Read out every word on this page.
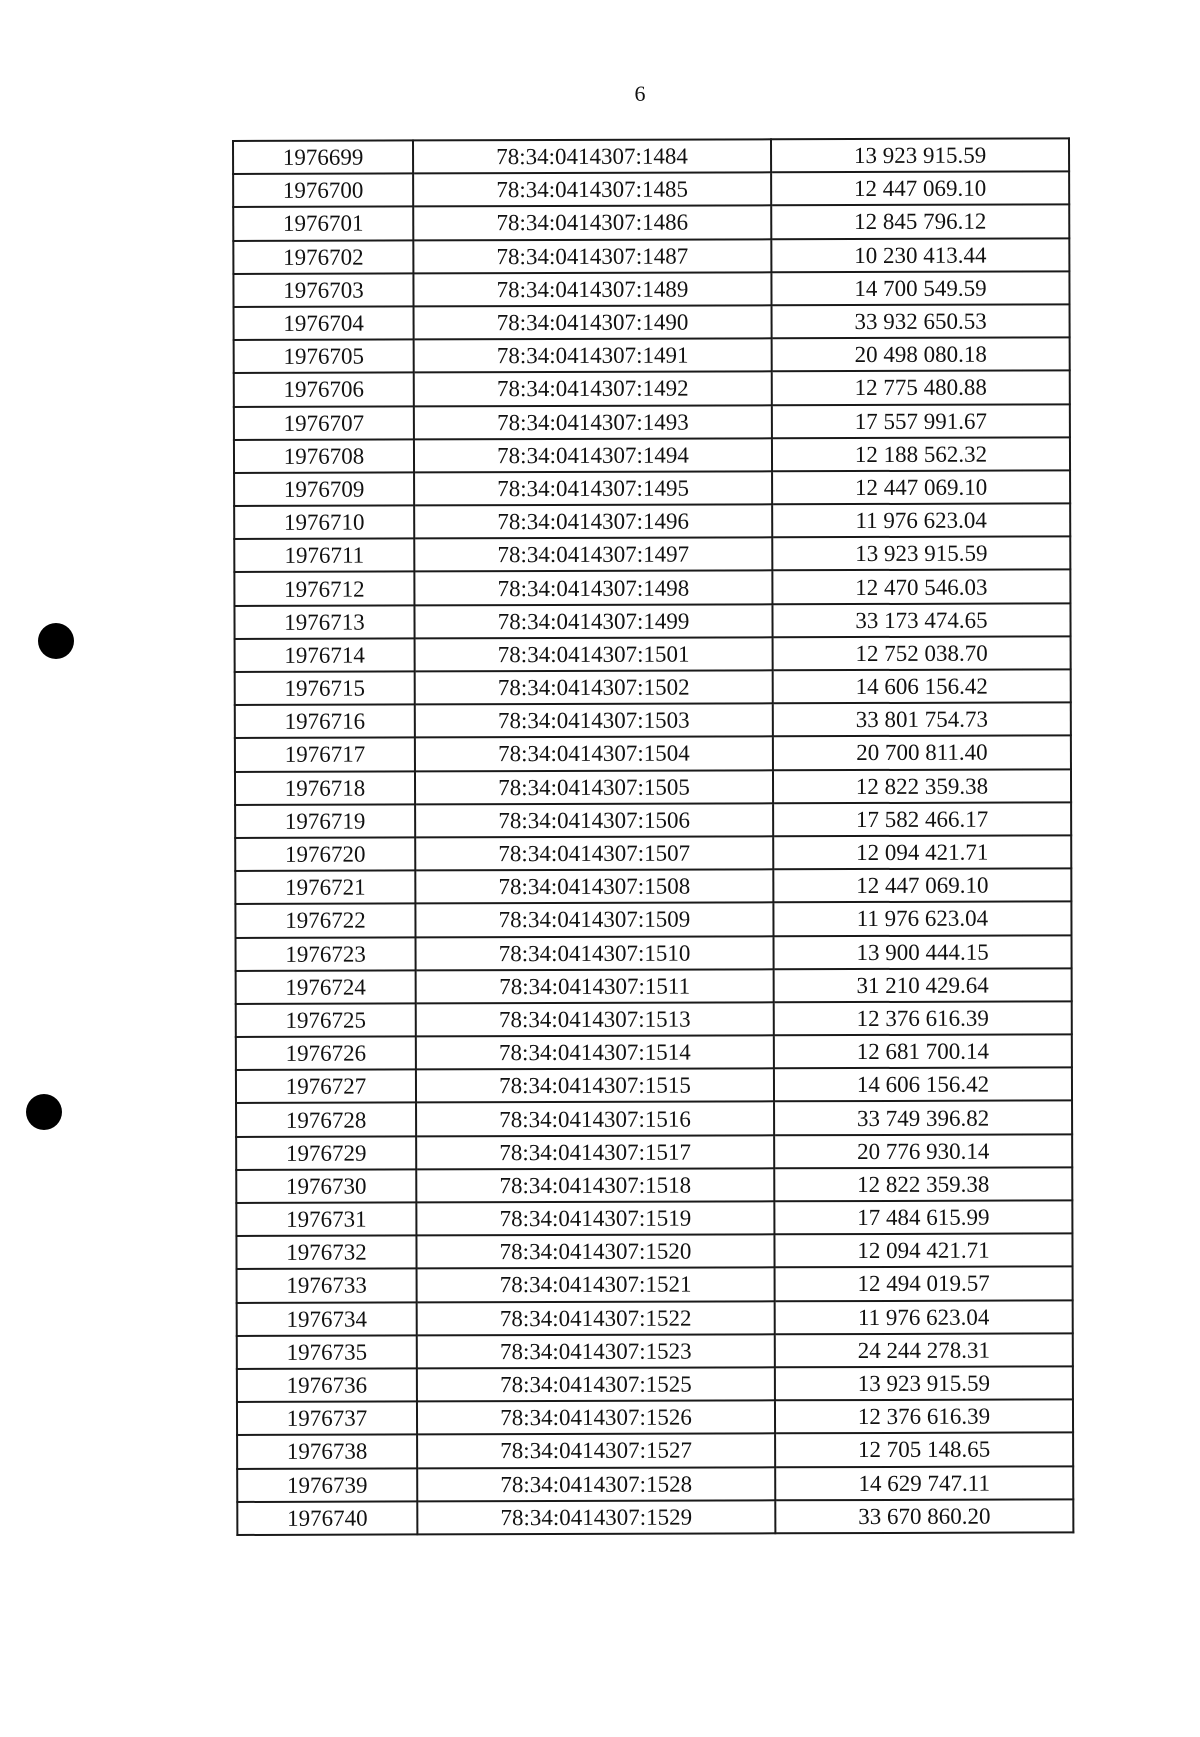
6
1976699	78:34:0414307:1484	13 923 915.59
1976700	78:34:0414307:1485	12 447 069.10
1976701	78:34:0414307:1486	12 845 796.12
1976702	78:34:0414307:1487	10 230 413.44
1976703	78:34:0414307:1489	14 700 549.59
1976704	78:34:0414307:1490	33 932 650.53
1976705	78:34:0414307:1491	20 498 080.18
1976706	78:34:0414307:1492	12 775 480.88
1976707	78:34:0414307:1493	17 557 991.67
1976708	78:34:0414307:1494	12 188 562.32
1976709	78:34:0414307:1495	12 447 069.10
1976710	78:34:0414307:1496	11 976 623.04
1976711	78:34:0414307:1497	13 923 915.59
1976712	78:34:0414307:1498	12 470 546.03
1976713	78:34:0414307:1499	33 173 474.65
1976714	78:34:0414307:1501	12 752 038.70
1976715	78:34:0414307:1502	14 606 156.42
1976716	78:34:0414307:1503	33 801 754.73
1976717	78:34:0414307:1504	20 700 811.40
1976718	78:34:0414307:1505	12 822 359.38
1976719	78:34:0414307:1506	17 582 466.17
1976720	78:34:0414307:1507	12 094 421.71
1976721	78:34:0414307:1508	12 447 069.10
1976722	78:34:0414307:1509	11 976 623.04
1976723	78:34:0414307:1510	13 900 444.15
1976724	78:34:0414307:1511	31 210 429.64
1976725	78:34:0414307:1513	12 376 616.39
1976726	78:34:0414307:1514	12 681 700.14
1976727	78:34:0414307:1515	14 606 156.42
1976728	78:34:0414307:1516	33 749 396.82
1976729	78:34:0414307:1517	20 776 930.14
1976730	78:34:0414307:1518	12 822 359.38
1976731	78:34:0414307:1519	17 484 615.99
1976732	78:34:0414307:1520	12 094 421.71
1976733	78:34:0414307:1521	12 494 019.57
1976734	78:34:0414307:1522	11 976 623.04
1976735	78:34:0414307:1523	24 244 278.31
1976736	78:34:0414307:1525	13 923 915.59
1976737	78:34:0414307:1526	12 376 616.39
1976738	78:34:0414307:1527	12 705 148.65
1976739	78:34:0414307:1528	14 629 747.11
1976740	78:34:0414307:1529	33 670 860.20
